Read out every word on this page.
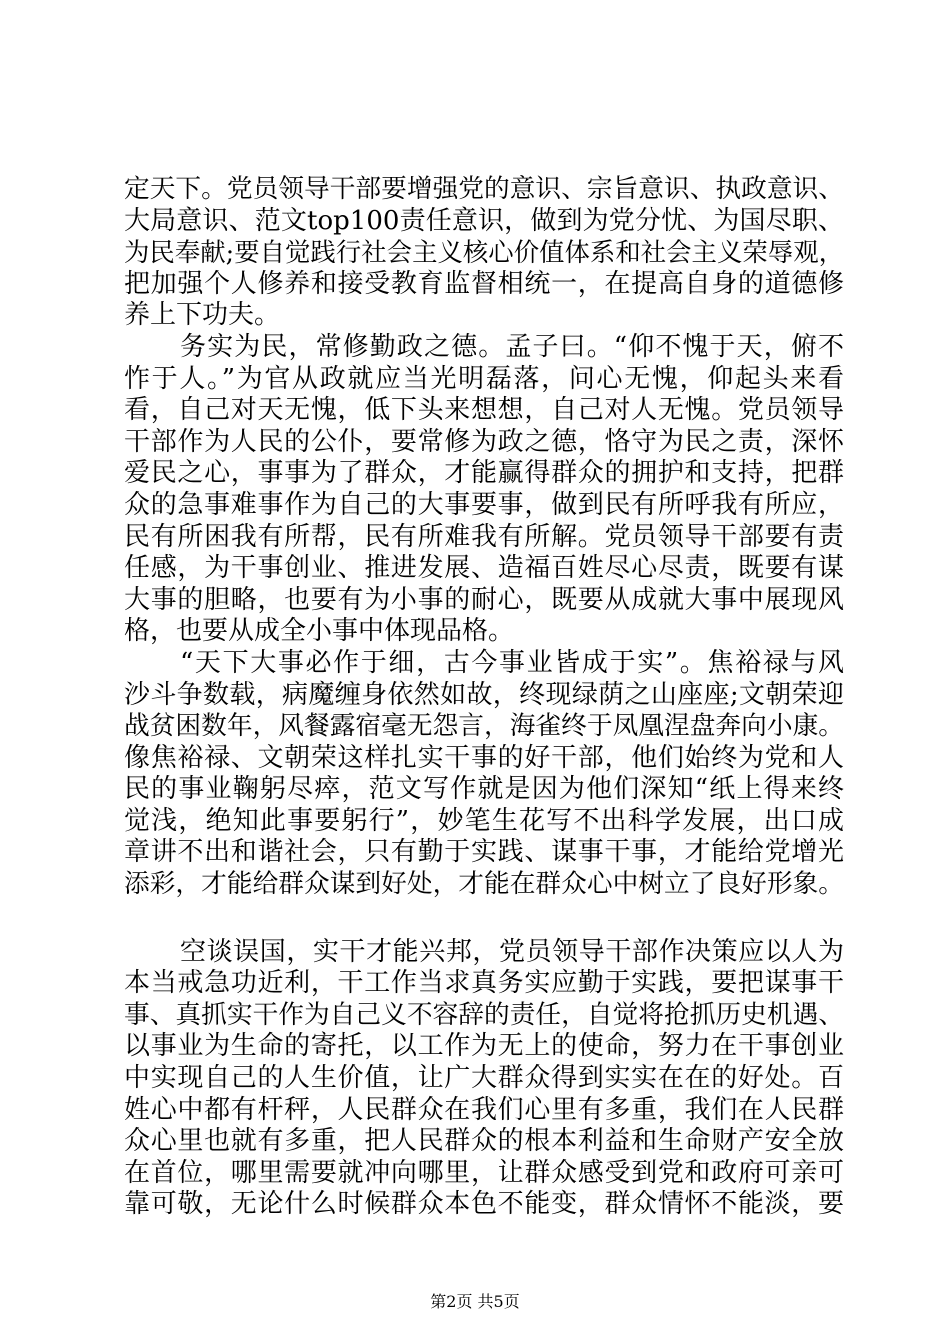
定天下。党员领导干部要增强党的意识、宗旨意识、执政意识、
大局意识、范文top100责任意识，做到为党分忧、为国尽职、
为民奉献;要自觉践行社会主义核心价值体系和社会主义荣辱观，
把加强个人修养和接受教育监督相统一，在提高自身的道德修
养上下功夫。
务实为民，常修勤政之德。孟子曰。“仰不愧于天，俯不
怍于人。”为官从政就应当光明磊落，问心无愧，仰起头来看
看，自己对天无愧，低下头来想想，自己对人无愧。党员领导
干部作为人民的公仆，要常修为政之德，恪守为民之责，深怀
爱民之心，事事为了群众，才能赢得群众的拥护和支持，把群
众的急事难事作为自己的大事要事，做到民有所呼我有所应，
民有所困我有所帮，民有所难我有所解。党员领导干部要有责
任感，为干事创业、推进发展、造福百姓尽心尽责，既要有谋
大事的胆略，也要有为小事的耐心，既要从成就大事中展现风
格，也要从成全小事中体现品格。
“天下大事必作于细，古今事业皆成于实”。焦裕禄与风
沙斗争数载，病魔缠身依然如故，终现绿荫之山座座;文朝荣迎
战贫困数年，风餐露宿毫无怨言，海雀终于凤凰涅盘奔向小康。
像焦裕禄、文朝荣这样扎实干事的好干部，他们始终为党和人
民的事业鞠躬尽瘁，范文写作就是因为他们深知“纸上得来终
觉浅，绝知此事要躬行”，妙笔生花写不出科学发展，出口成
章讲不出和谐社会，只有勤于实践、谋事干事，才能给党增光
添彩，才能给群众谋到好处，才能在群众心中树立了良好形象。
空谈误国，实干才能兴邦，党员领导干部作决策应以人为
本当戒急功近利，干工作当求真务实应勤于实践，要把谋事干
事、真抓实干作为自己义不容辞的责任，自觉将抢抓历史机遇、
以事业为生命的寄托，以工作为无上的使命，努力在干事创业
中实现自己的人生价值，让广大群众得到实实在在的好处。百
姓心中都有杆秤，人民群众在我们心里有多重，我们在人民群
众心里也就有多重，把人民群众的根本利益和生命财产安全放
在首位，哪里需要就冲向哪里，让群众感受到党和政府可亲可
靠可敬，无论什么时候群众本色不能变，群众情怀不能淡，要
第2页 共5页
